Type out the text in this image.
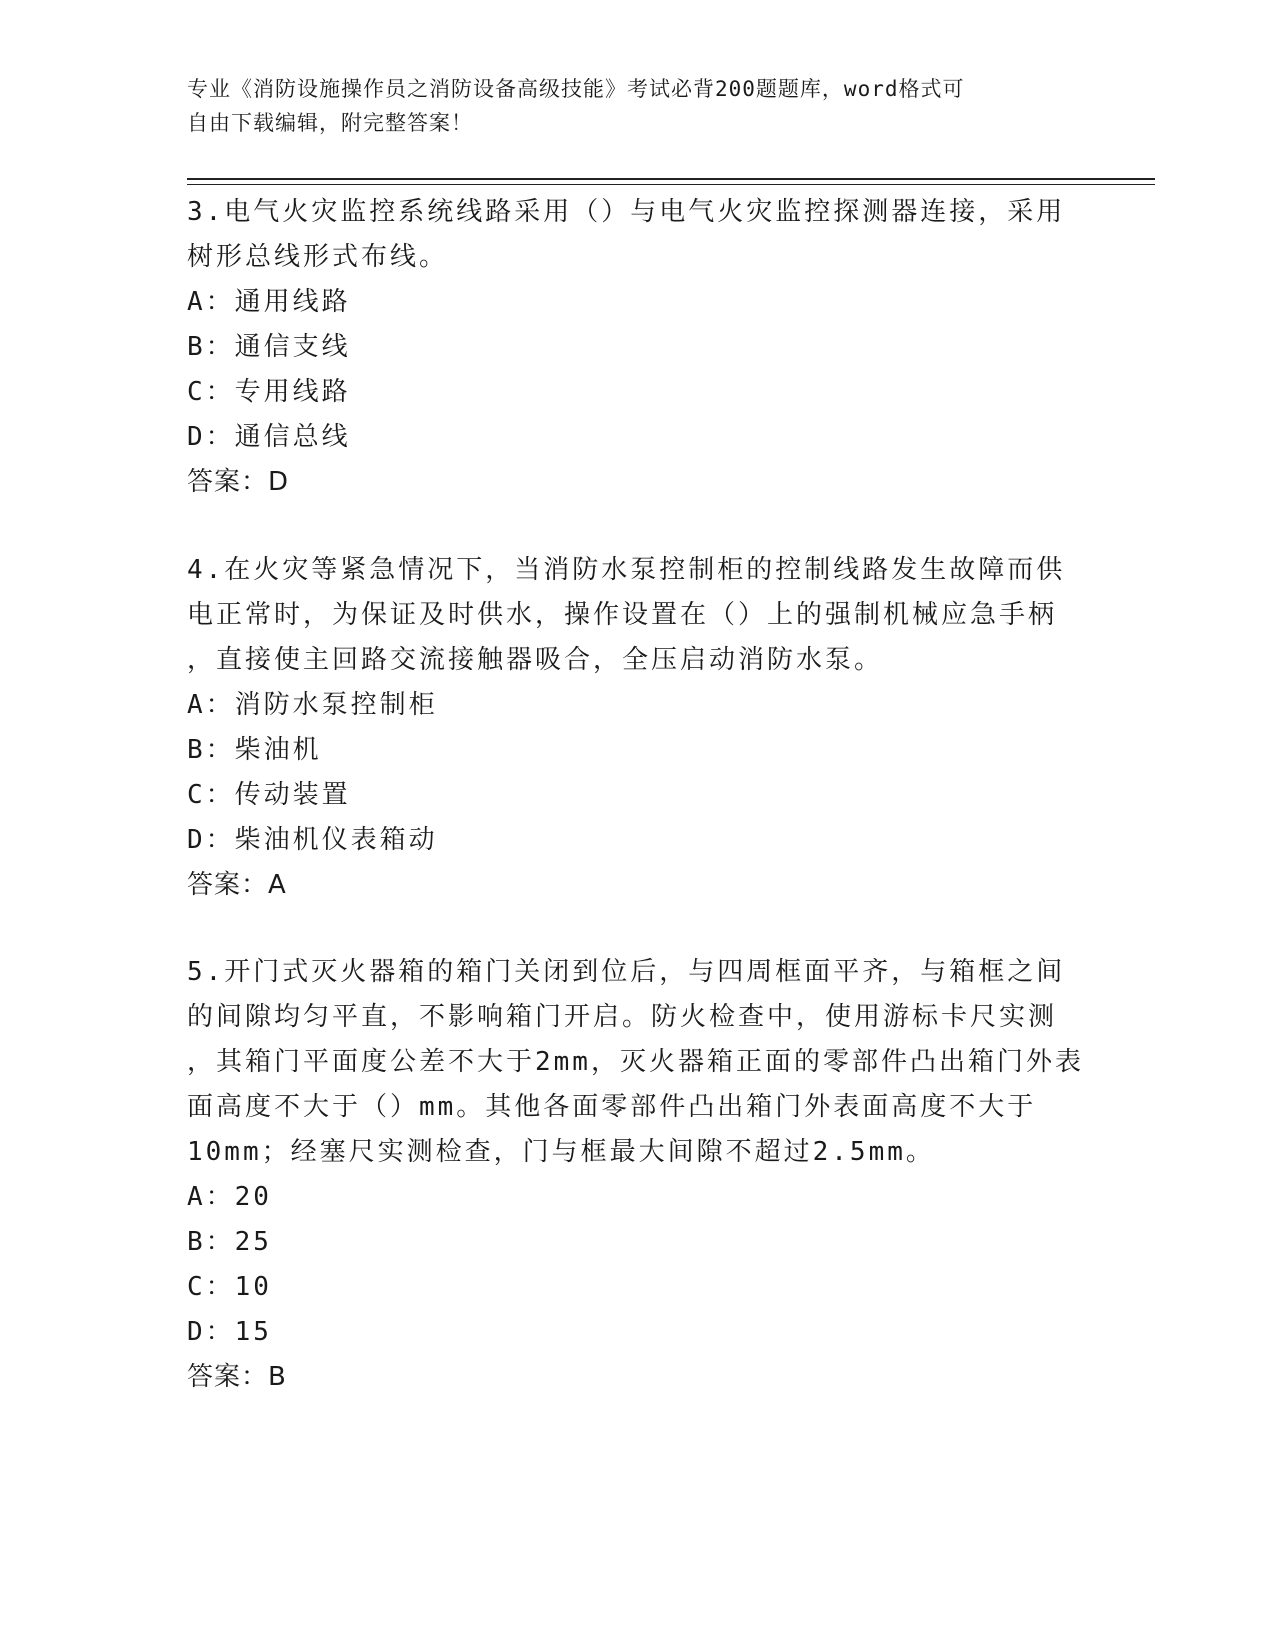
专业《消防设施操作员之消防设备高级技能》考试必背200题题库，word格式可
自由下载编辑，附完整答案！

3.电气火灾监控系统线路采用（）与电气火灾监控探测器连接，采用

树形总线形式布线。

A：通用线路

B：通信支线

C：专用线路

D：通信总线

答案：D

4.在火灾等紧急情况下，当消防水泵控制柜的控制线路发生故障而供

电正常时，为保证及时供水，操作设置在（）上的强制机械应急手柄

，直接使主回路交流接触器吸合，全压启动消防水泵。

A：消防水泵控制柜

B：柴油机

C：传动装置

D：柴油机仪表箱动

答案：A

5.开门式灭火器箱的箱门关闭到位后，与四周框面平齐，与箱框之间

的间隙均匀平直，不影响箱门开启。防火检查中，使用游标卡尺实测

，其箱门平面度公差不大于2mm，灭火器箱正面的零部件凸出箱门外表

面高度不大于（）mm。其他各面零部件凸出箱门外表面高度不大于

10mm；经塞尺实测检查，门与框最大间隙不超过2.5mm。

A：20

B：25

C：10

D：15

答案：B
